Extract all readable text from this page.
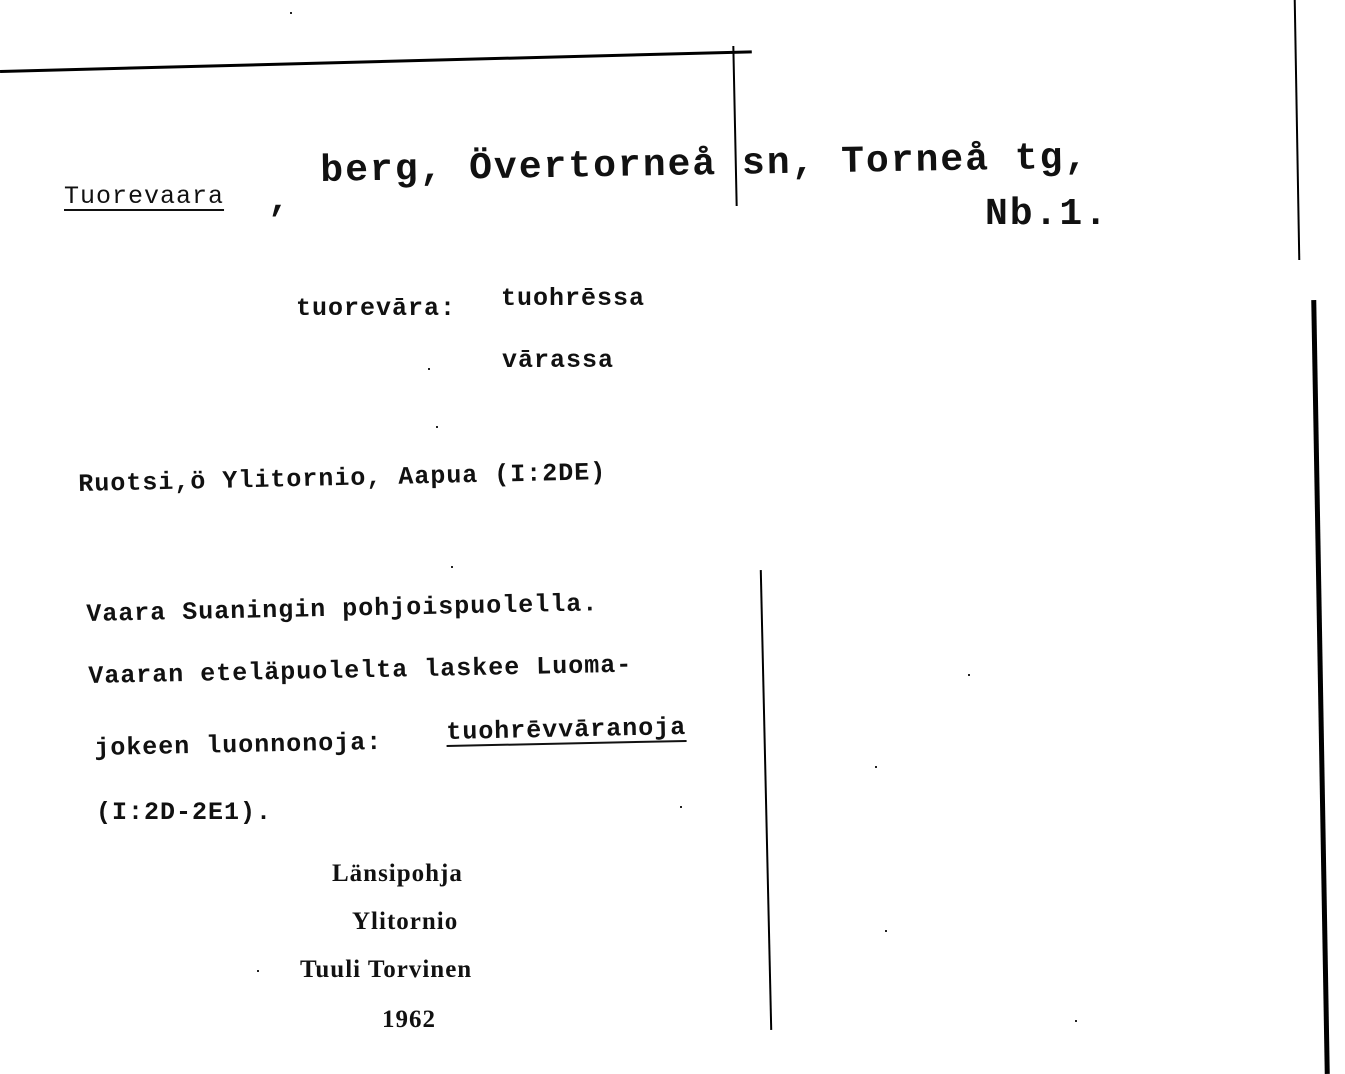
Tuorevaara ,
berg, Övertorneå sn, Torneå tg,
Nb.1.
tuorevāra: tuohrēssa
vārassa
Ruotsi,ö Ylitornio, Aapua (I:2DE)
Vaara Suaningin pohjoispuolella.
Vaaran eteläpuolelta laskee Luoma-
jokeen luonnonoja:	tuohrēvvāranoja
(I:2D-2E1).
Länsipohja
Ylitornio
Tuuli Torvinen
1962
